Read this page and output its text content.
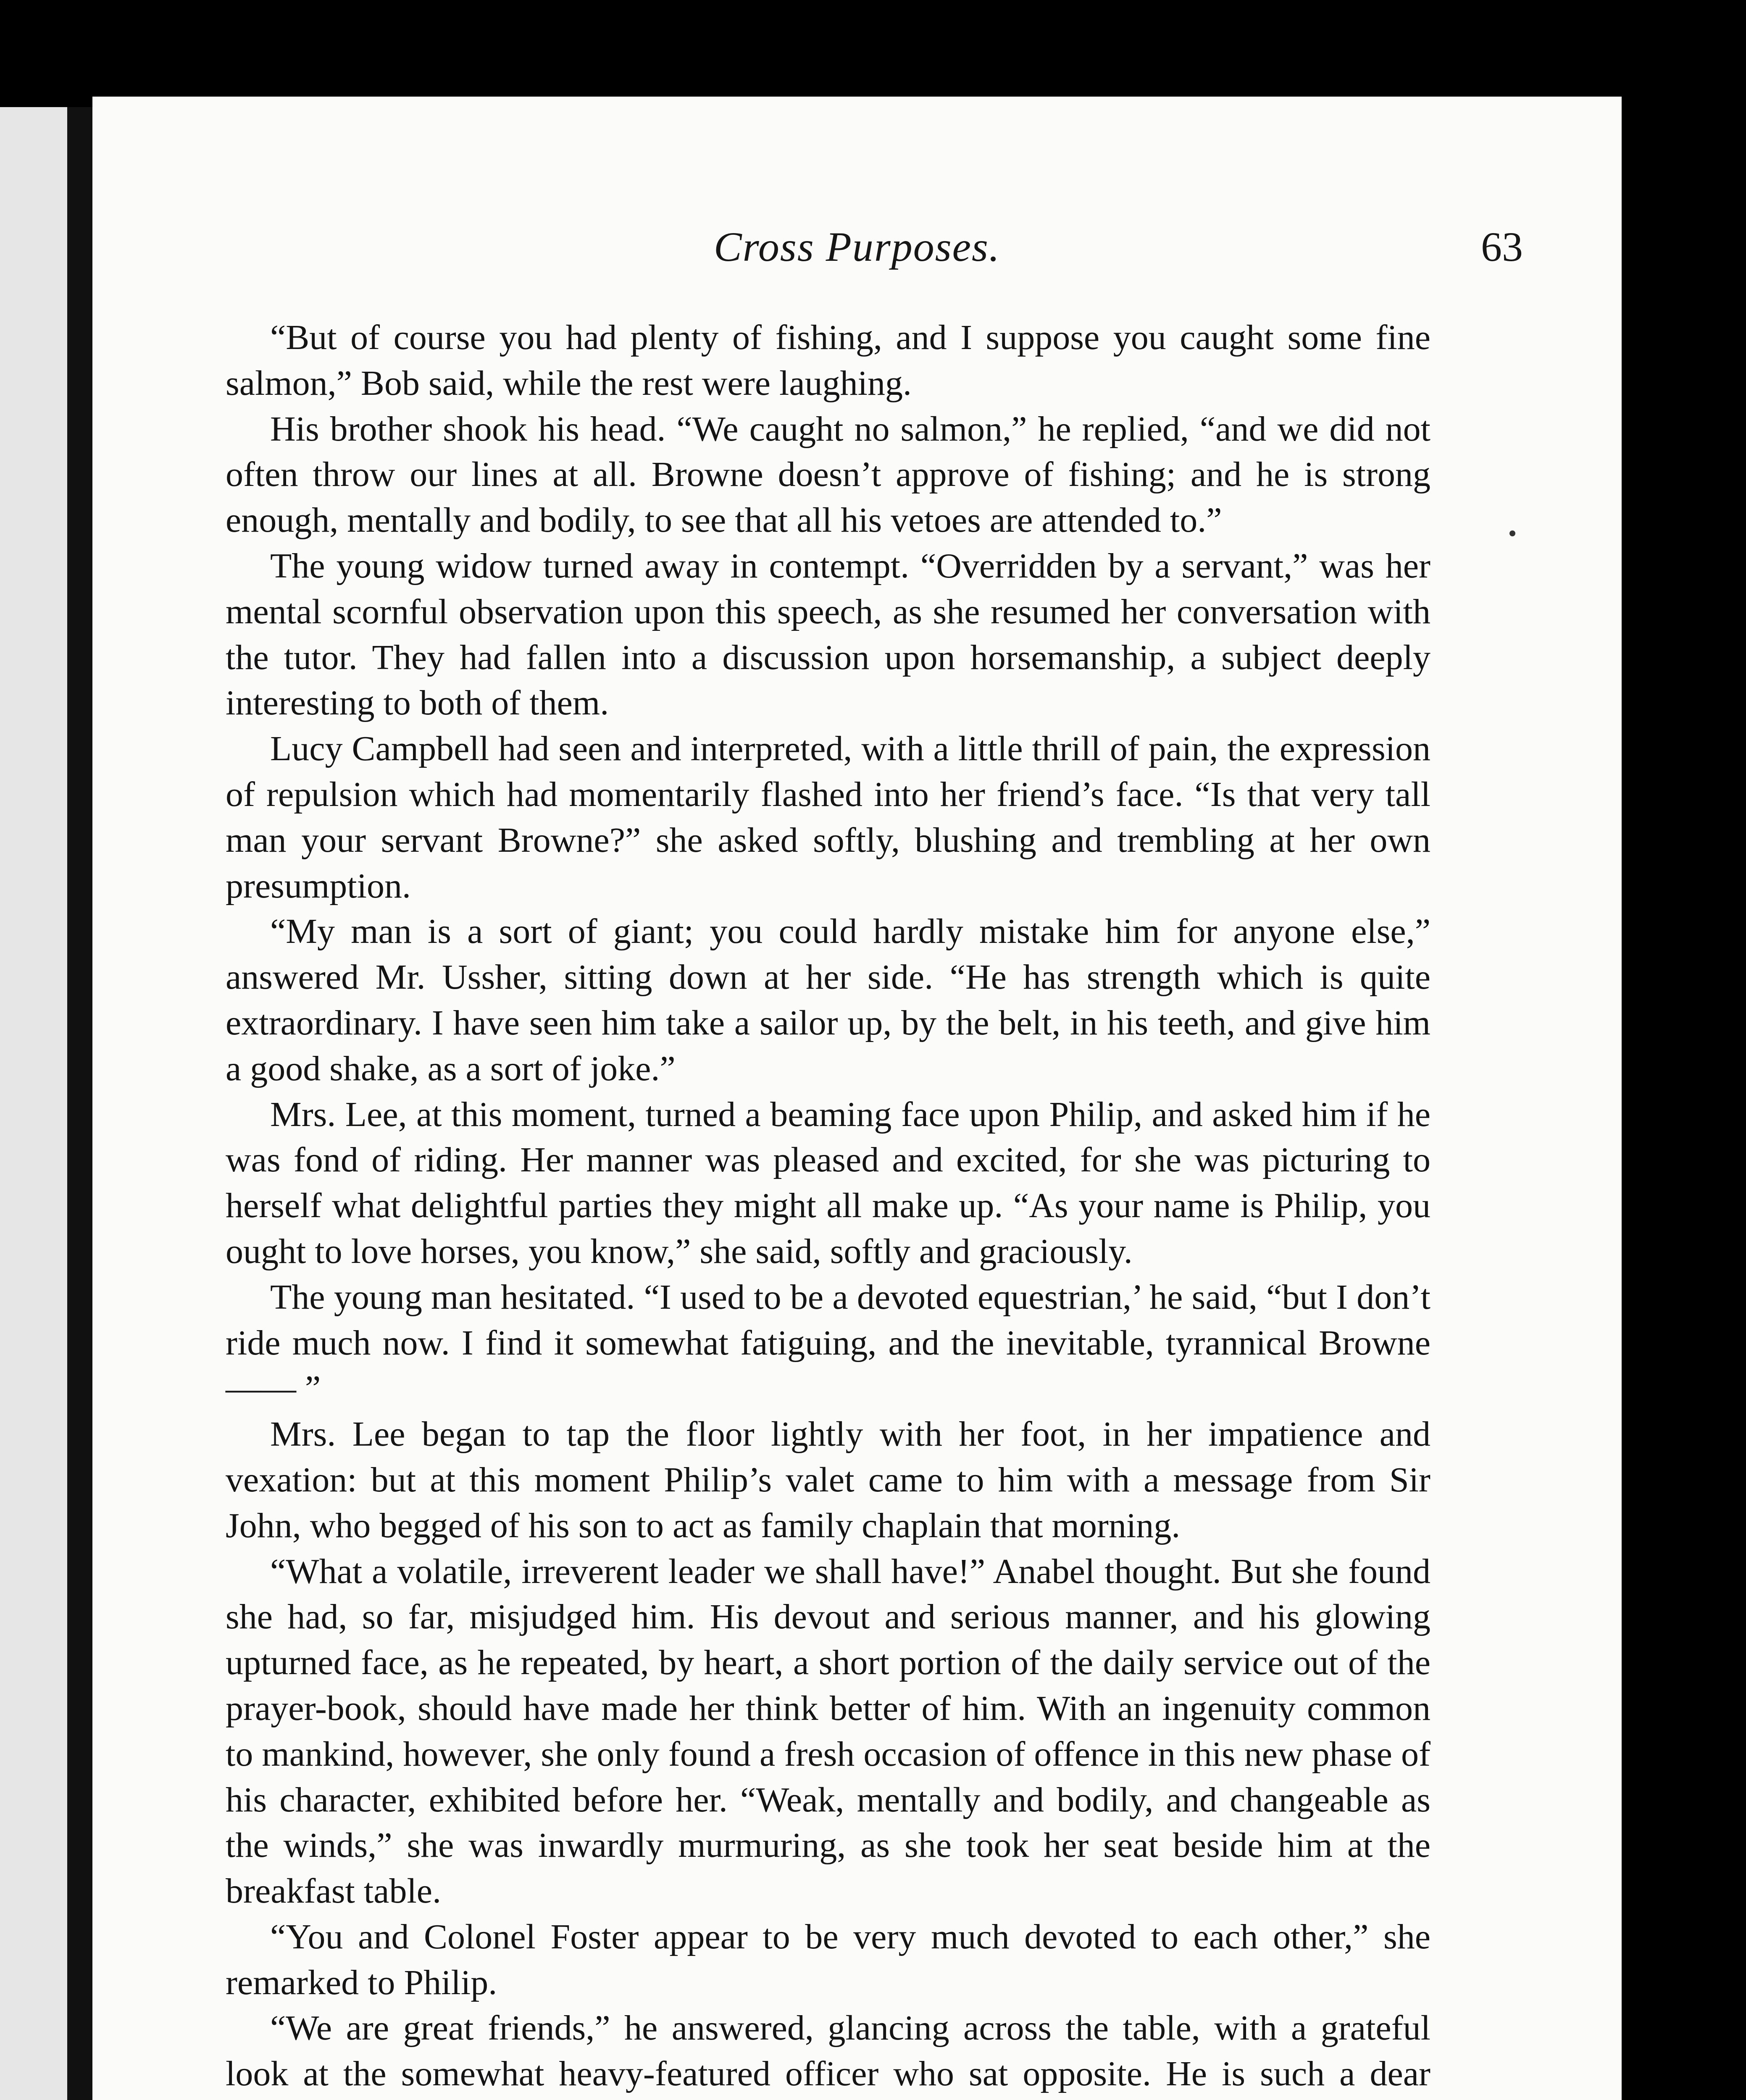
Cross Purposes.	63

“But of course you had plenty of fishing, and I suppose you caught some fine salmon,” Bob said, while the rest were laughing.

His brother shook his head. “We caught no salmon,” he replied, “and we did not often throw our lines at all. Browne doesn’t approve of fishing; and he is strong enough, mentally and bodily, to see that all his vetoes are attended to.”

The young widow turned away in contempt. “Overridden by a servant,” was her mental scornful observation upon this speech, as she resumed her conversation with the tutor. They had fallen into a discussion upon horsemanship, a subject deeply interesting to both of them.

Lucy Campbell had seen and interpreted, with a little thrill of pain, the expression of repulsion which had momentarily flashed into her friend’s face. “Is that very tall man your servant Browne?” she asked softly, blushing and trembling at her own presumption.

“My man is a sort of giant; you could hardly mistake him for anyone else,” answered Mr. Ussher, sitting down at her side. “He has strength which is quite extraordinary. I have seen him take a sailor up, by the belt, in his teeth, and give him a good shake, as a sort of joke.”

Mrs. Lee, at this moment, turned a beaming face upon Philip, and asked him if he was fond of riding. Her manner was pleased and excited, for she was picturing to herself what delightful parties they might all make up. “As your name is Philip, you ought to love horses, you know,” she said, softly and graciously.

The young man hesitated. “I used to be a devoted equestrian,’ he said, “but I don’t ride much now. I find it somewhat fatiguing, and the inevitable, tyrannical Browne —— ”

Mrs. Lee began to tap the floor lightly with her foot, in her impatience and vexation: but at this moment Philip’s valet came to him with a message from Sir John, who begged of his son to act as family chaplain that morning.

“What a volatile, irreverent leader we shall have!” Anabel thought. But she found she had, so far, misjudged him. His devout and serious manner, and his glowing upturned face, as he repeated, by heart, a short portion of the daily service out of the prayer-book, should have made her think better of him. With an ingenuity common to mankind, however, she only found a fresh occasion of offence in this new phase of his character, exhibited before her. “Weak, mentally and bodily, and changeable as the winds,” she was inwardly murmuring, as she took her seat beside him at the breakfast table.

“You and Colonel Foster appear to be very much devoted to each other,” she remarked to Philip.

“We are great friends,” he answered, glancing across the table, with a grateful look at the somewhat heavy-featured officer who sat opposite. He is such a dear
